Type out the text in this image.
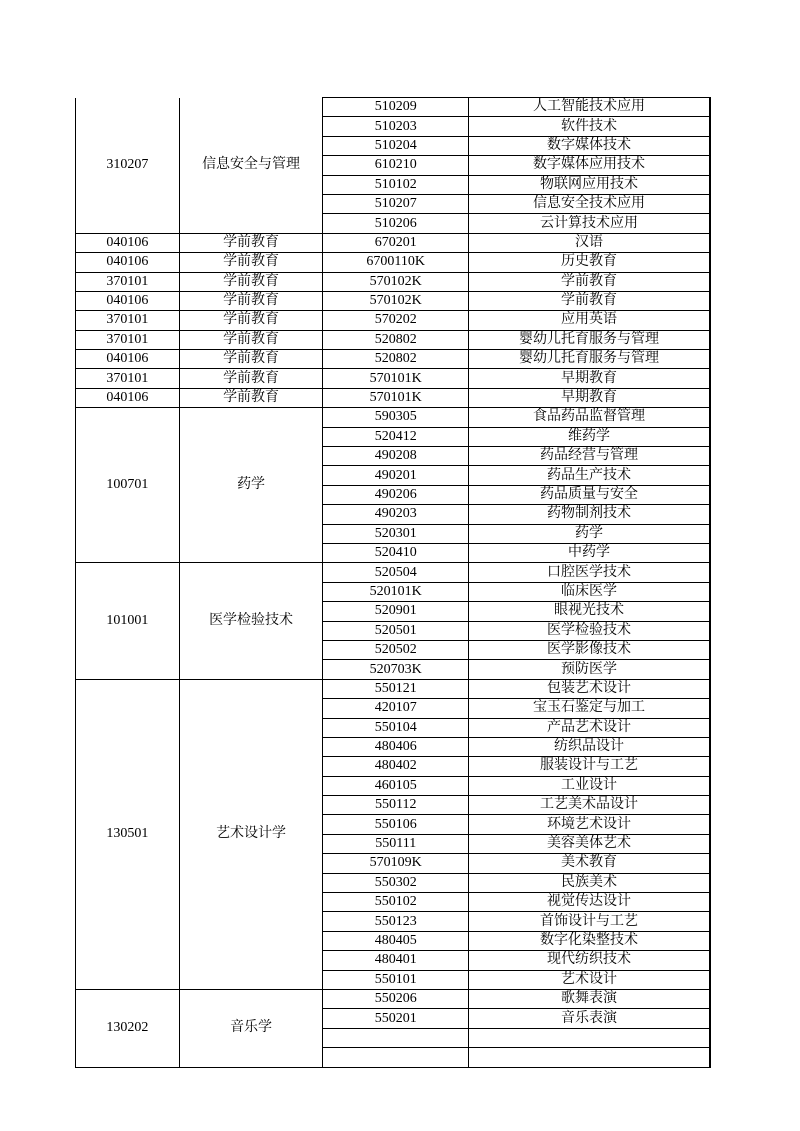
310207	信息安全与管理	510209	人工智能技术应用
		510203	软件技术
		510204	数字媒体技术
		610210	数字媒体应用技术
		510102	物联网应用技术
		510207	信息安全技术应用
		510206	云计算技术应用
040106	学前教育	670201	汉语
040106	学前教育	6700110K	历史教育
370101	学前教育	570102K	学前教育
040106	学前教育	570102K	学前教育
370101	学前教育	570202	应用英语
370101	学前教育	520802	婴幼儿托育服务与管理
040106	学前教育	520802	婴幼儿托育服务与管理
370101	学前教育	570101K	早期教育
040106	学前教育	570101K	早期教育
100701	药学	590305	食品药品监督管理
		520412	维药学
		490208	药品经营与管理
		490201	药品生产技术
		490206	药品质量与安全
		490203	药物制剂技术
		520301	药学
		520410	中药学
101001	医学检验技术	520504	口腔医学技术
		520101K	临床医学
		520901	眼视光技术
		520501	医学检验技术
		520502	医学影像技术
		520703K	预防医学
130501	艺术设计学	550121	包装艺术设计
		420107	宝玉石鉴定与加工
		550104	产品艺术设计
		480406	纺织品设计
		480402	服装设计与工艺
		460105	工业设计
		550112	工艺美术品设计
		550106	环境艺术设计
		550111	美容美体艺术
		570109K	美术教育
		550302	民族美术
		550102	视觉传达设计
		550123	首饰设计与工艺
		480405	数字化染整技术
		480401	现代纺织技术
		550101	艺术设计
130202	音乐学	550206	歌舞表演
		550201	音乐表演
